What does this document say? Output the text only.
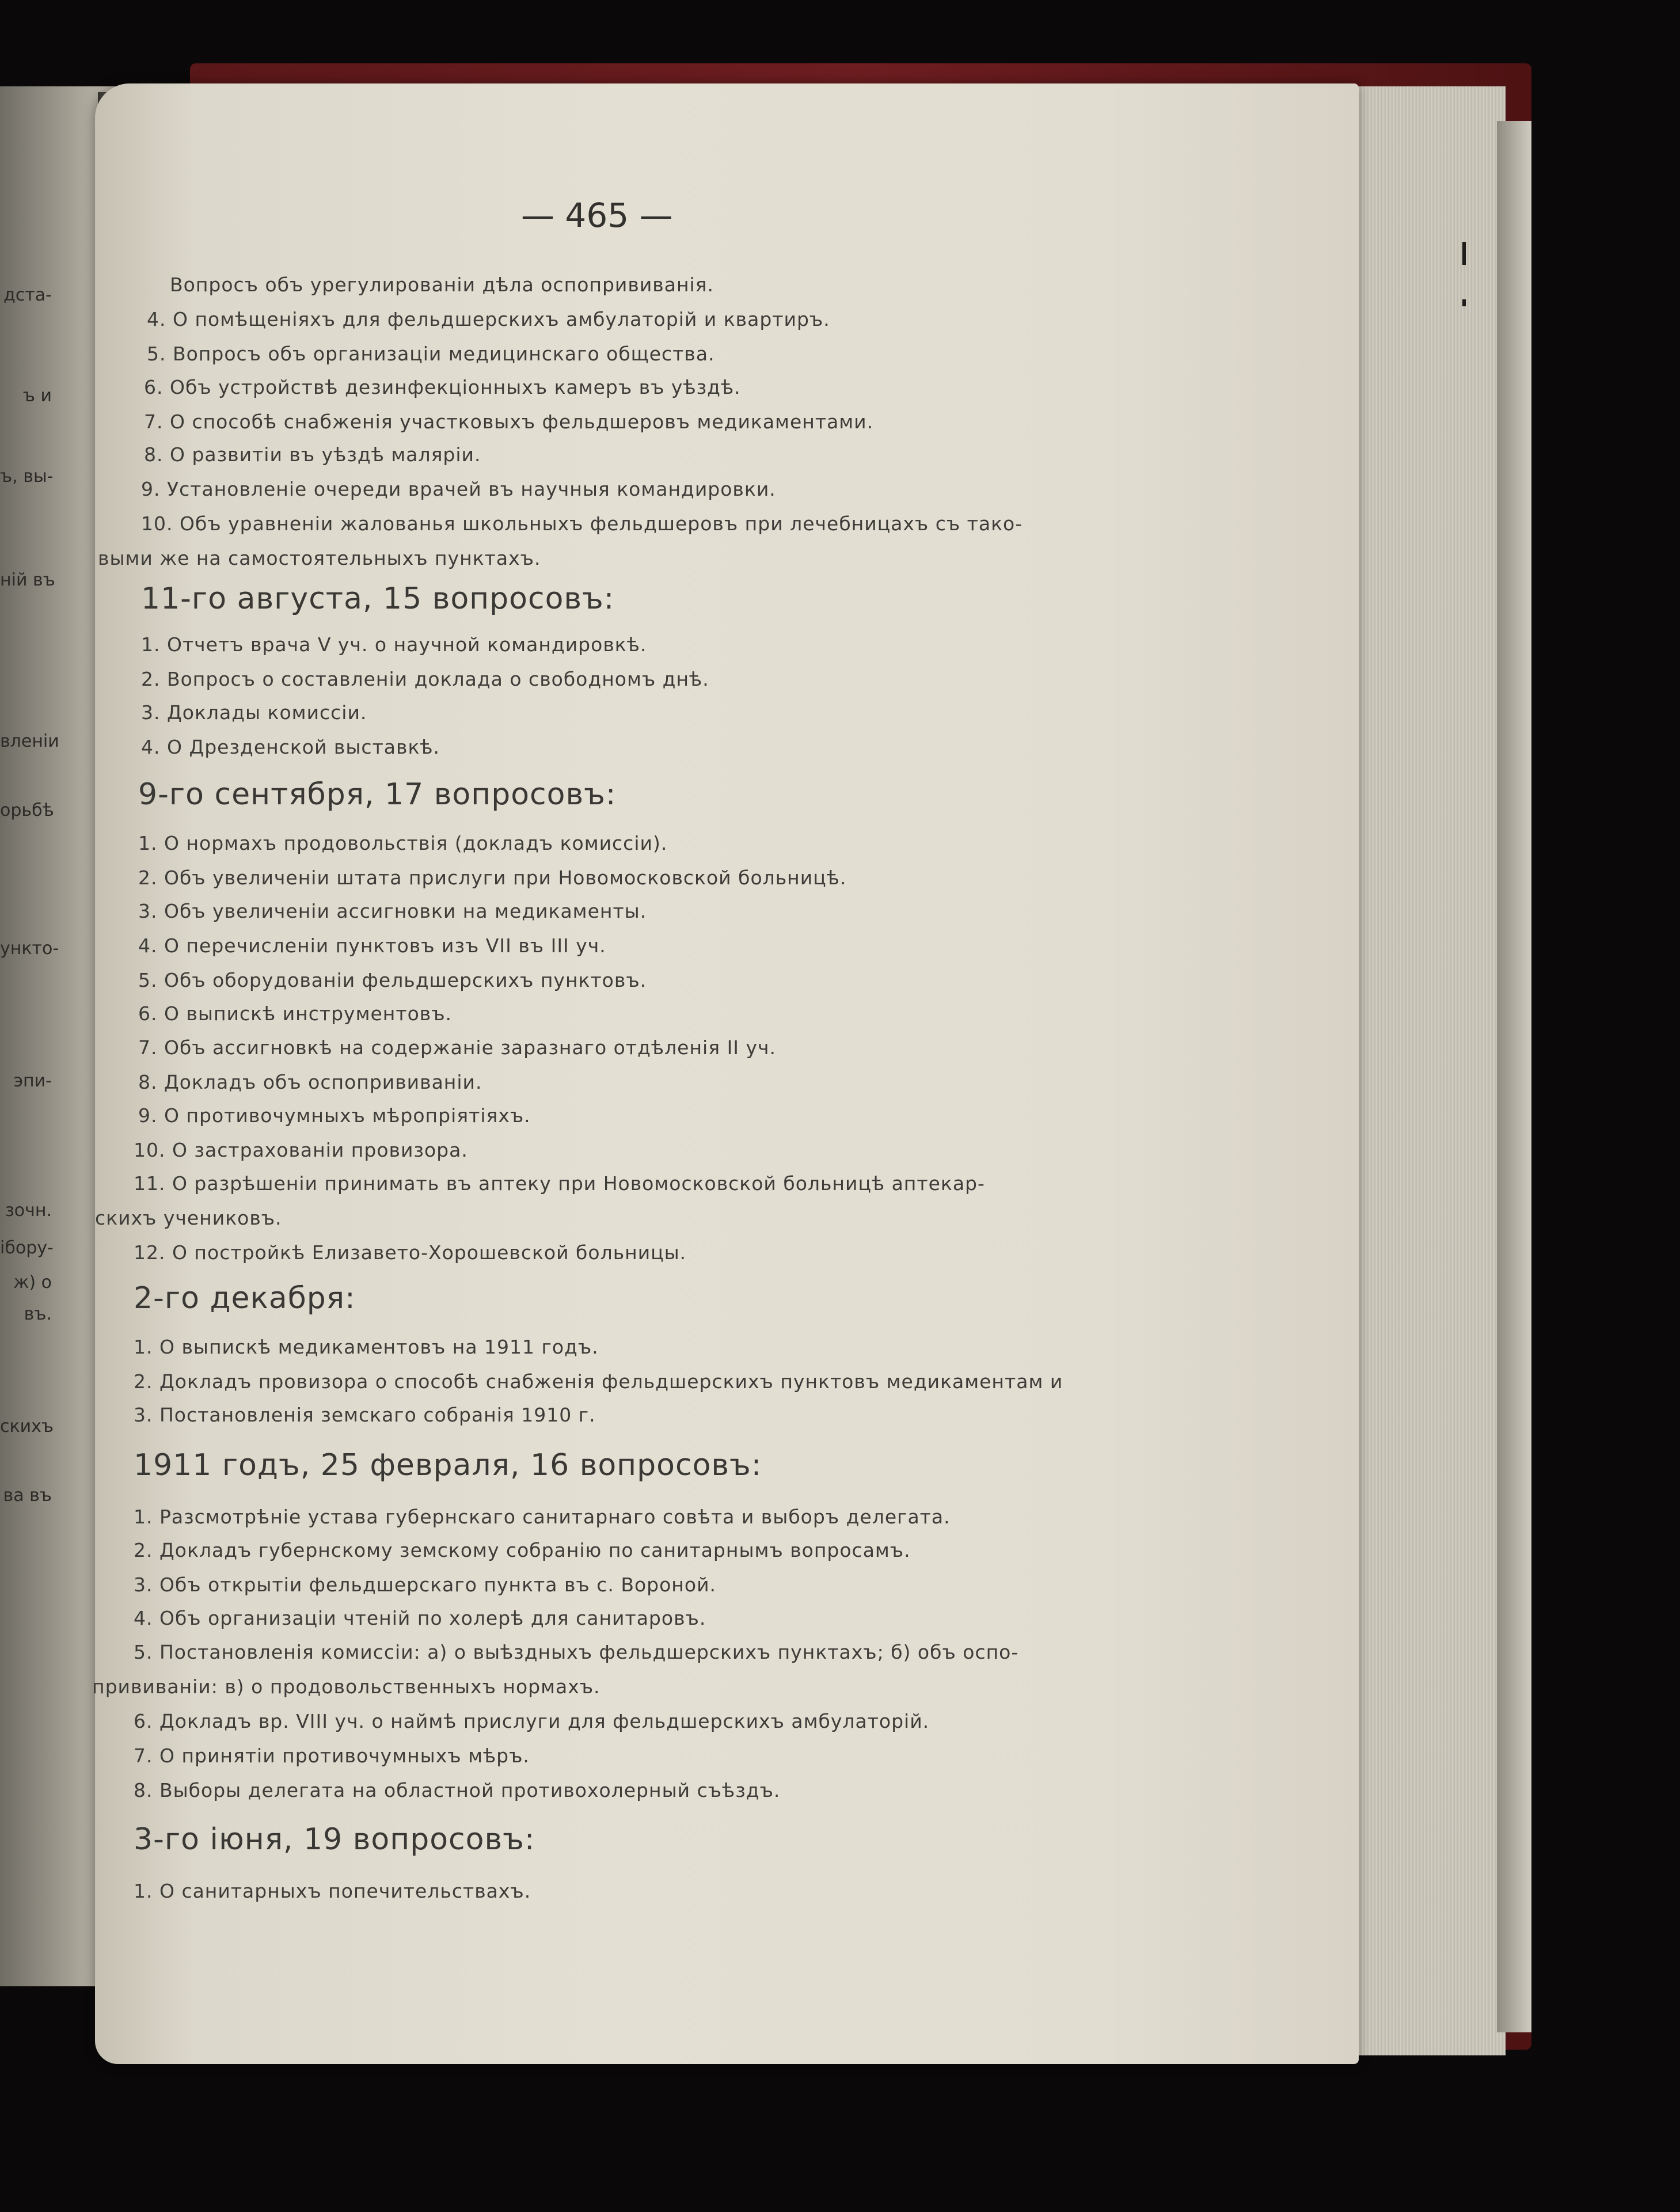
дста-
ъ и
ъ, вы-
ній въ
вленіи
орьбѣ
ункто-
эпи-
зочн.
ібору-
ж) о
въ.
скихъ
ва въ
— 465 —
Вопросъ объ урегулированіи дѣла оспопрививанія.
4. О помѣщеніяхъ для фельдшерскихъ амбулаторій и квартиръ.
5. Вопросъ объ организаціи медицинскаго общества.
6. Объ устройствѣ дезинфекціонныхъ камеръ въ уѣздѣ.
7. О способѣ снабженія участковыхъ фельдшеровъ медикаментами.
8. О развитіи въ уѣздѣ малярiи.
9. Установленіе очереди врачей въ научныя командировки.
10. Объ уравненіи жалованья школьныхъ фельдшеровъ при лечебницахъ съ тако-
выми же на самостоятельныхъ пунктахъ.
11-го августа, 15 вопросовъ:
1. Отчетъ врача V уч. о научной командировкѣ.
2. Вопросъ о составленіи доклада о свободномъ днѣ.
3. Доклады комиссіи.
4. О Дрезденской выставкѣ.
9-го сентября, 17 вопросовъ:
1. О нормахъ продовольствія (докладъ комиссіи).
2. Объ увеличеніи штата прислуги при Новомосковской больницѣ.
3. Объ увеличеніи ассигновки на медикаменты.
4. О перечисленіи пунктовъ изъ VII въ III уч.
5. Объ оборудованіи фельдшерскихъ пунктовъ.
6. О выпискѣ инструментовъ.
7. Объ ассигновкѣ на содержаніе заразнаго отдѣленія II уч.
8. Докладъ объ оспопрививаніи.
9. О противочумныхъ мѣропріятіяхъ.
10. О застрахованіи провизора.
11. О разрѣшеніи принимать въ аптеку при Новомосковской больницѣ аптекар-
скихъ учениковъ.
12. О постройкѣ Елизавето-Хорошевской больницы.
2-го декабря:
1. О выпискѣ медикаментовъ на 1911 годъ.
2. Докладъ провизора о способѣ снабженія фельдшерскихъ пунктовъ медикаментам и
3. Постановленія земскаго собранія 1910 г.
1911 годъ, 25 февраля, 16 вопросовъ:
1. Разсмотрѣніе устава губернскаго санитарнаго совѣта и выборъ делегата.
2. Докладъ губернскому земскому собранію по санитарнымъ вопросамъ.
3. Объ открытіи фельдшерскаго пункта въ с. Вороной.
4. Объ организаціи чтеній по холерѣ для санитаровъ.
5. Постановленія комиссіи: а) о выѣздныхъ фельдшерскихъ пунктахъ; б) объ оспо-
прививаніи: в) о продовольственныхъ нормахъ.
6. Докладъ вр. VIII уч. о наймѣ прислуги для фельдшерскихъ амбулаторій.
7. О принятіи противочумныхъ мѣръ.
8. Выборы делегата на областной противохолерный съѣздъ.
3-го іюня, 19 вопросовъ:
1. О санитарныхъ попечительствахъ.
